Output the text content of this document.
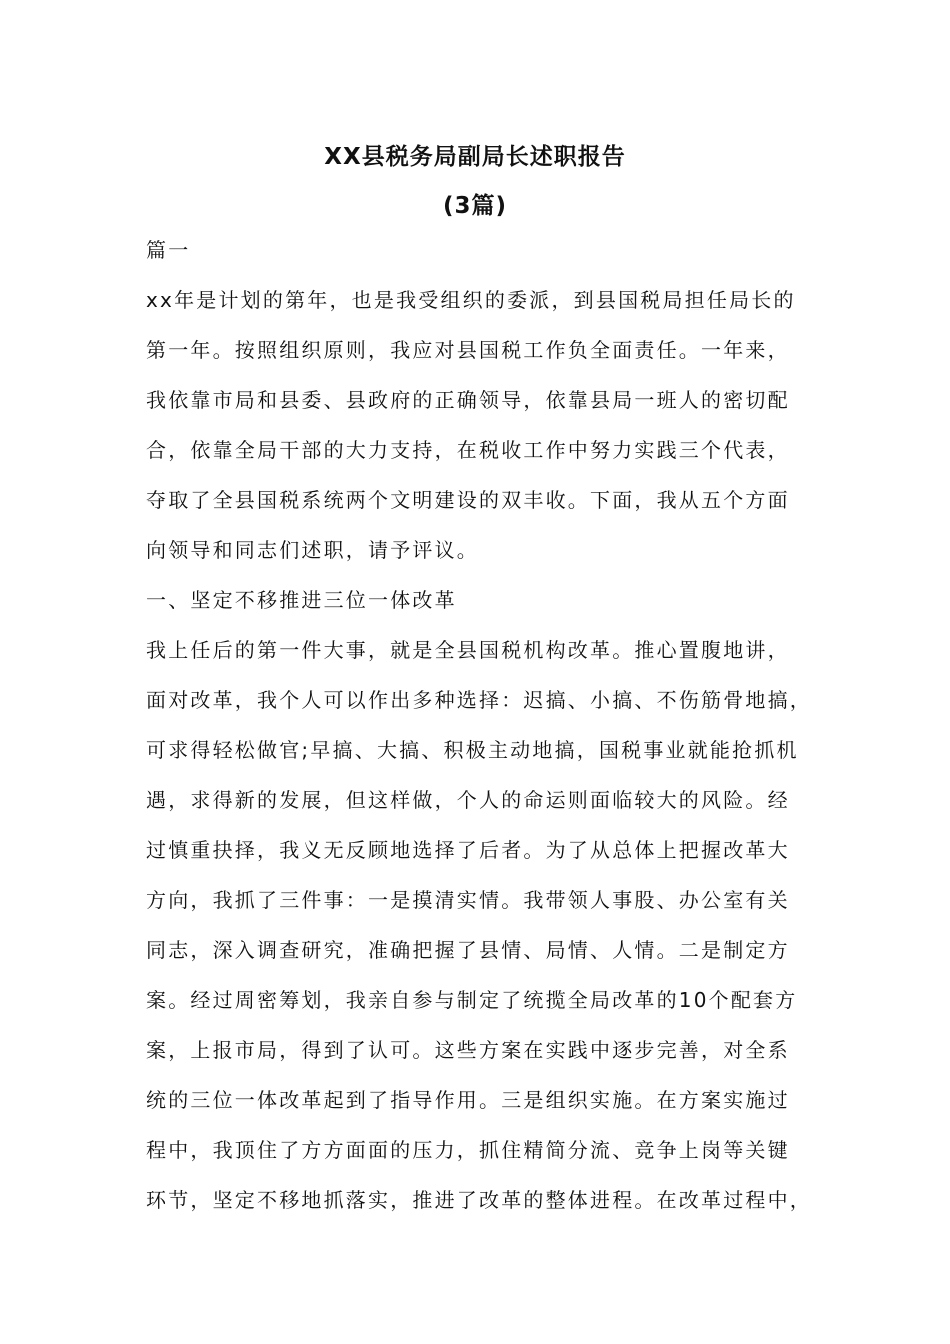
XX县税务局副局长述职报告
(3篇)

篇一

xx年是计划的第年，也是我受组织的委派，到县国税局担任局长的

第一年。按照组织原则，我应对县国税工作负全面责任。一年来，

我依靠市局和县委、县政府的正确领导，依靠县局一班人的密切配

合，依靠全局干部的大力支持，在税收工作中努力实践三个代表，

夺取了全县国税系统两个文明建设的双丰收。下面，我从五个方面

向领导和同志们述职，请予评议。

一、坚定不移推进三位一体改革

我上任后的第一件大事，就是全县国税机构改革。推心置腹地讲，

面对改革，我个人可以作出多种选择：迟搞、小搞、不伤筋骨地搞，

可求得轻松做官;早搞、大搞、积极主动地搞，国税事业就能抢抓机

遇，求得新的发展，但这样做，个人的命运则面临较大的风险。经

过慎重抉择，我义无反顾地选择了后者。为了从总体上把握改革大

方向，我抓了三件事：一是摸清实情。我带领人事股、办公室有关

同志，深入调查研究，准确把握了县情、局情、人情。二是制定方

案。经过周密筹划，我亲自参与制定了统揽全局改革的10个配套方

案，上报市局，得到了认可。这些方案在实践中逐步完善，对全系

统的三位一体改革起到了指导作用。三是组织实施。在方案实施过

程中，我顶住了方方面面的压力，抓住精简分流、竞争上岗等关键

环节，坚定不移地抓落实，推进了改革的整体进程。在改革过程中，
